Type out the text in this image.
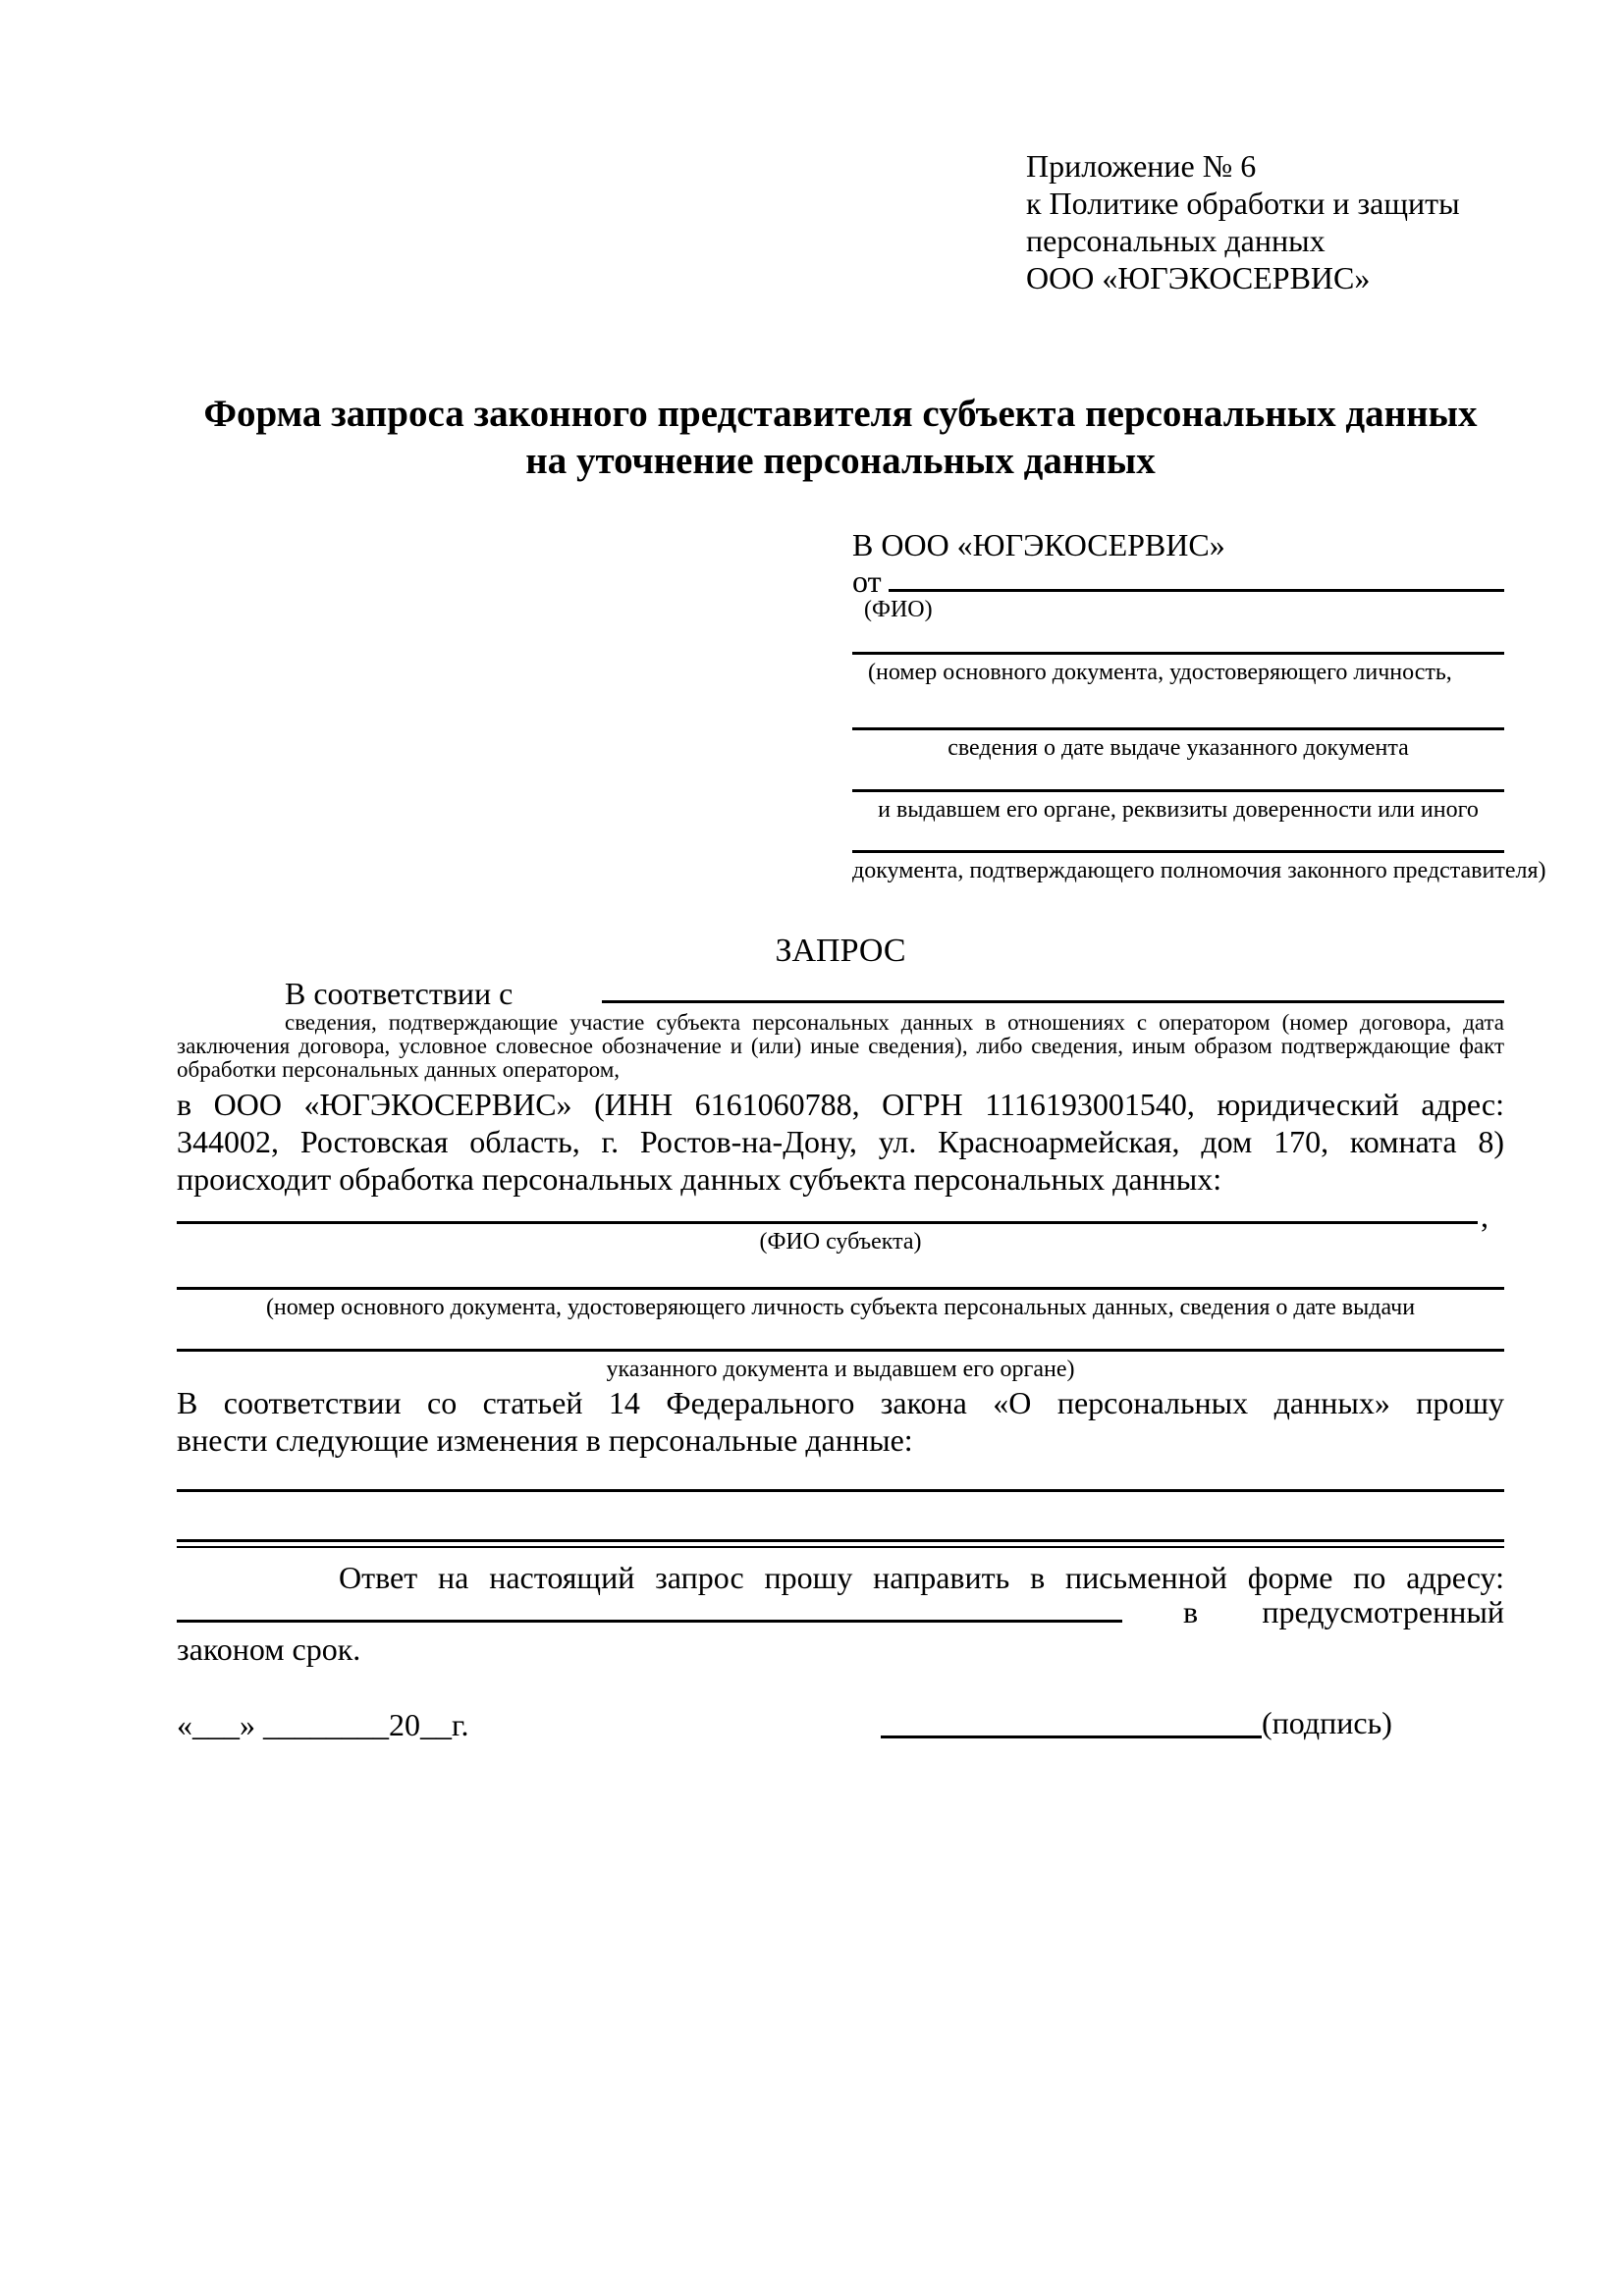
Приложение № 6
к Политике обработки и защиты
персональных данных
ООО «ЮГЭКОСЕРВИС»
Форма запроса законного представителя субъекта персональных данных
на уточнение персональных данных
В ООО «ЮГЭКОСЕРВИС»
от
(ФИО)
(номер основного документа, удостоверяющего личность,
сведения о дате выдаче указанного документа
и выдавшем его органе, реквизиты доверенности или иного
документа, подтверждающего полномочия законного представителя)
ЗАПРОС
В соответствии с
сведения, подтверждающие участие субъекта персональных данных в отношениях с оператором (номер договора, дата
заключения договора, условное словесное обозначение и (или) иные сведения), либо сведения, иным образом подтверждающие факт
обработки персональных данных оператором,
в ООО «ЮГЭКОСЕРВИС» (ИНН 6161060788, ОГРН 1116193001540, юридический адрес:
344002, Ростовская область, г. Ростов-на-Дону, ул. Красноармейская, дом 170, комната 8)
происходит обработка персональных данных субъекта персональных данных:
,
(ФИО субъекта)
(номер основного документа, удостоверяющего личность субъекта персональных данных, сведения о дате выдачи
указанного документа и выдавшем его органе)
В соответствии со статьей 14 Федерального закона «О персональных данных» прошу
внести следующие изменения в персональные данные:
Ответ на настоящий запрос прошу направить в письменной форме по адресу:
в	предусмотренный
законом срок.
«___» ________20__г.	(подпись)
